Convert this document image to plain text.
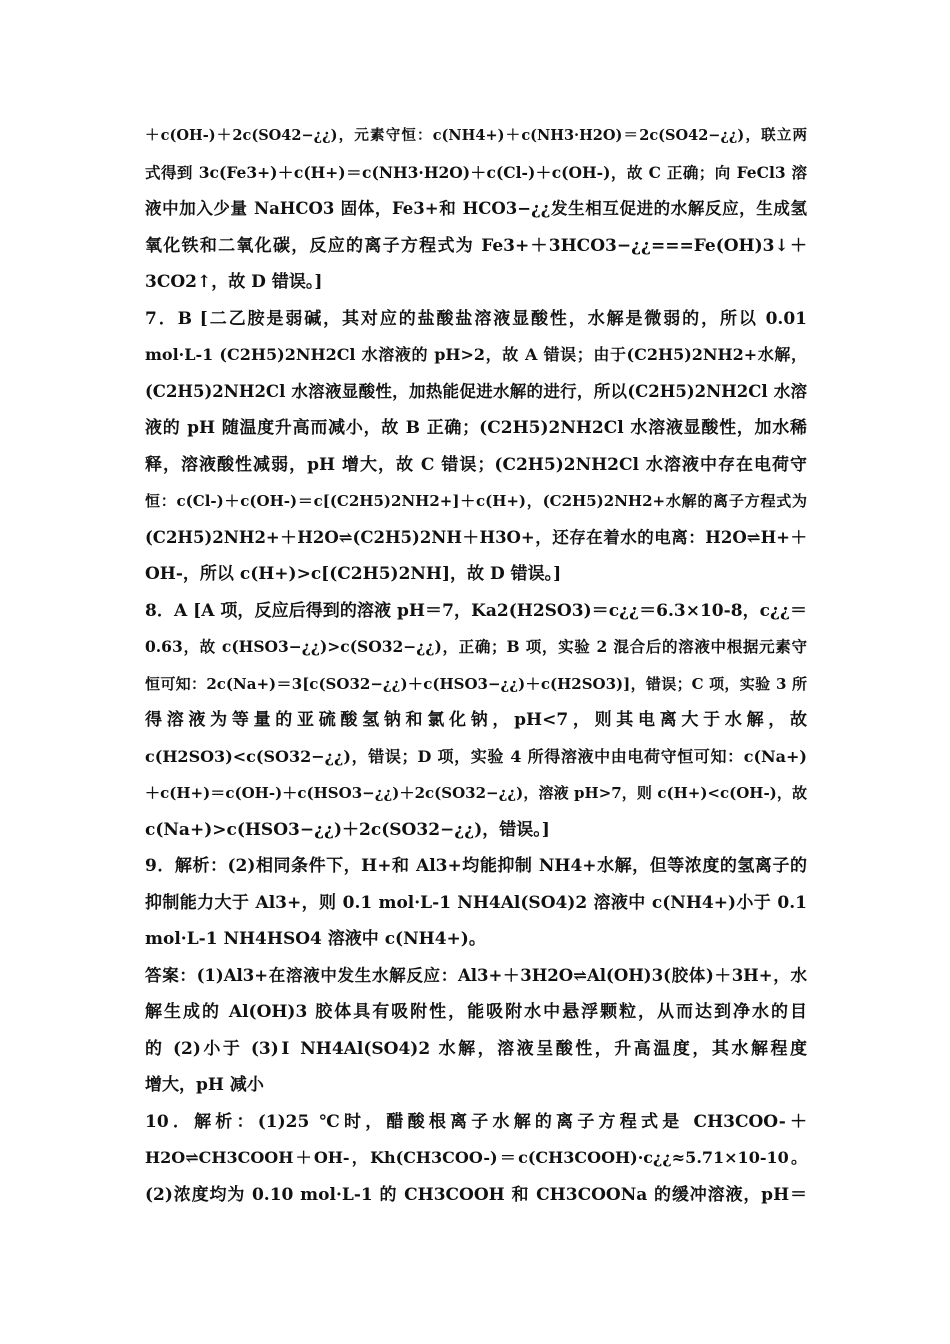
＋c(OH-)＋2c(SO42−¿¿)，元素守恒：c(NH4+)＋c(NH3·H2O)＝2c(SO42−¿¿)，联立两
式得到 3c(Fe3+)＋c(H+)＝c(NH3·H2O)＋c(Cl-)＋c(OH-)，故 C 正确；向 FeCl3 溶
液中加入少量 NaHCO3 固体，Fe3+和 HCO3−¿¿发生相互促进的水解反应，生成氢
氧化铁和二氧化碳，反应的离子方程式为 Fe3+＋3HCO3−¿¿===Fe(OH)3↓＋
3CO2↑，故 D 错误。]
7．B [二乙胺是弱碱，其对应的盐酸盐溶液显酸性，水解是微弱的，所以 0.01
mol·L-1 (C2H5)2NH2Cl 水溶液的 pH>2，故 A 错误；由于(C2H5)2NH2+水解，
(C2H5)2NH2Cl 水溶液显酸性，加热能促进水解的进行，所以(C2H5)2NH2Cl 水溶
液的 pH 随温度升高而减小，故 B 正确；(C2H5)2NH2Cl 水溶液显酸性，加水稀
释，溶液酸性减弱，pH 增大，故 C 错误；(C2H5)2NH2Cl 水溶液中存在电荷守
恒：c(Cl-)＋c(OH-)＝c[(C2H5)2NH2+]＋c(H+)，(C2H5)2NH2+水解的离子方程式为
(C2H5)2NH2+＋H2O⇌(C2H5)2NH＋H3O+，还存在着水的电离：H2O⇌H+＋
OH-，所以 c(H+)>c[(C2H5)2NH]，故 D 错误。]
8．A [A 项，反应后得到的溶液 pH＝7，Ka2(H2SO3)＝c¿¿＝6.3×10-8，c¿¿＝
0.63，故 c(HSO3−¿¿)>c(SO32−¿¿)，正确；B 项，实验 2 混合后的溶液中根据元素守
恒可知：2c(Na+)＝3[c(SO32−¿¿)＋c(HSO3−¿¿)＋c(H2SO3)]，错误；C 项，实验 3 所
得溶液为等量的亚硫酸氢钠和氯化钠，pH<7，则其电离大于水解，故
c(H2SO3)<c(SO32−¿¿)，错误；D 项，实验 4 所得溶液中由电荷守恒可知：c(Na+)
＋c(H+)＝c(OH-)＋c(HSO3−¿¿)＋2c(SO32−¿¿)，溶液 pH>7，则 c(H+)<c(OH-)，故
c(Na+)>c(HSO3−¿¿)＋2c(SO32−¿¿)，错误。]
9．解析：(2)相同条件下，H+和 Al3+均能抑制 NH4+水解，但等浓度的氢离子的
抑制能力大于 Al3+，则 0.1 mol·L-1 NH4Al(SO4)2 溶液中 c(NH4+)小于 0.1
mol·L-1 NH4HSO4 溶液中 c(NH4+)。
答案：(1)Al3+在溶液中发生水解反应：Al3+＋3H2O⇌Al(OH)3(胶体)＋3H+，水
解生成的 Al(OH)3 胶体具有吸附性，能吸附水中悬浮颗粒，从而达到净水的目
的 (2)小于 (3)Ⅰ NH4Al(SO4)2 水解，溶液呈酸性，升高温度，其水解程度
增大，pH 减小
10．解析：(1)25 ℃时，醋酸根离子水解的离子方程式是 CH3COO-＋
H2O⇌CH3COOH＋OH-，Kh(CH3COO-)＝c(CH3COOH)·c¿¿≈5.71×10-10。
(2)浓度均为 0.10 mol·L-1 的 CH3COOH 和 CH3COONa 的缓冲溶液，pH＝
